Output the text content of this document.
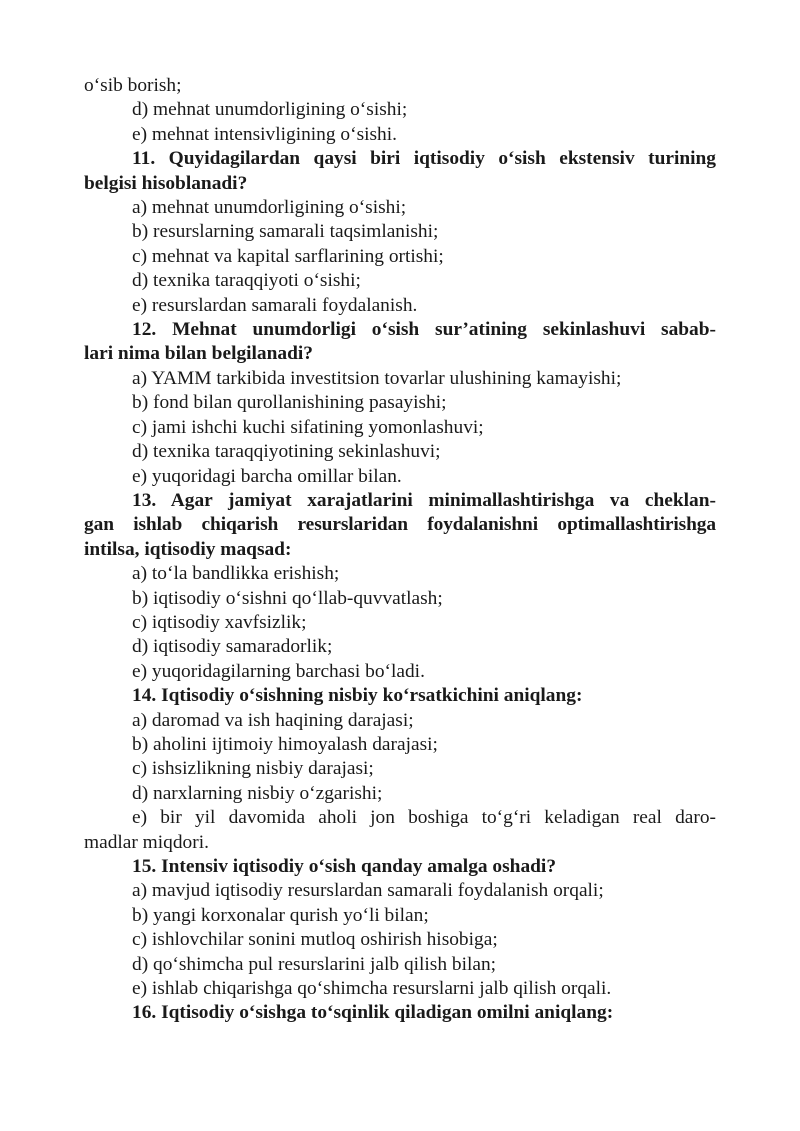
o‘sib borish;
d) mehnat unumdorligining o‘sishi;
e) mehnat intensivligining o‘sishi.
11. Quyidagilardan qaysi biri iqtisodiy o‘sish ekstensiv turining
belgisi hisoblanadi?
a) mehnat unumdorligining o‘sishi;
b) resurslarning samarali taqsimlanishi;
c) mehnat va kapital sarflarining ortishi;
d) texnika taraqqiyoti o‘sishi;
e) resurslardan samarali foydalanish.
12. Mehnat unumdorligi o‘sish sur’atining sekinlashuvi sabab-
lari nima bilan belgilanadi?
a) YAMM tarkibida investitsion tovarlar ulushining kamayishi;
b) fond bilan qurollanishining pasayishi;
c) jami ishchi kuchi sifatining yomonlashuvi;
d) texnika taraqqiyotining sekinlashuvi;
e) yuqoridagi barcha omillar bilan.
13. Agar jamiyat xarajatlarini minimallashtirishga va cheklan-
gan ishlab chiqarish resurslaridan foydalanishni optimallashtirishga
intilsa, iqtisodiy maqsad:
a) to‘la bandlikka erishish;
b) iqtisodiy o‘sishni qo‘llab-quvvatlash;
c) iqtisodiy xavfsizlik;
d) iqtisodiy samaradorlik;
e) yuqoridagilarning barchasi bo‘ladi.
14. Iqtisodiy o‘sishning nisbiy ko‘rsatkichini aniqlang:
a) daromad va ish haqining darajasi;
b) aholini ijtimoiy himoyalash darajasi;
c) ishsizlikning nisbiy darajasi;
d) narxlarning nisbiy o‘zgarishi;
e) bir yil davomida aholi jon boshiga to‘g‘ri keladigan real daro-
madlar miqdori.
15. Intensiv iqtisodiy o‘sish qanday amalga oshadi?
a) mavjud iqtisodiy resurslardan samarali foydalanish orqali;
b) yangi korxonalar qurish yo‘li bilan;
c) ishlovchilar sonini mutloq oshirish hisobiga;
d) qo‘shimcha pul resurslarini jalb qilish bilan;
e) ishlab chiqarishga qo‘shimcha resurslarni jalb qilish orqali.
16. Iqtisodiy o‘sishga to‘sqinlik qiladigan omilni aniqlang:
